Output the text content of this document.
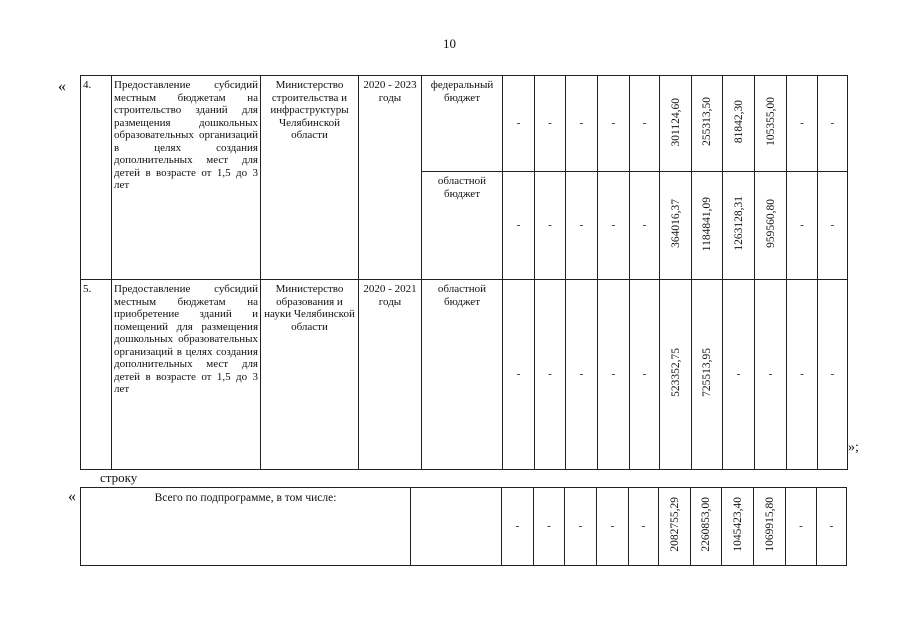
10
« 4.	Предоставление субсидий местным бюджетам на строительство зданий для размещения дошкольных образовательных организаций в целях создания дополнительных мест для детей в возрасте от 1,5 до 3 лет	Министерство строительства и инфраструктуры Челябинской области	2020 - 2023 годы	федеральный бюджет	-	-	-	-	-	301124,60	255313,50	81842,30	105355,00	-	-
				областной бюджет	-	-	-	-	-	364016,37	1184841,09	1263128,31	959560,80	-	-
5.	Предоставление субсидий местным бюджетам на приобретение зданий и помещений для размещения дошкольных образовательных организаций в целях создания дополнительных мест для детей в возрасте от 1,5 до 3 лет	Министерство образования и науки Челябинской области	2020 - 2021 годы	областной бюджет	-	-	-	-	-	523352,75	725513,95	-	-	-	-
»;
строку
«	Всего по подпрограмме, в том числе:		-	-	-	-	-	2082755,29	2260853,00	1045423,40	1069915,80	-	-
